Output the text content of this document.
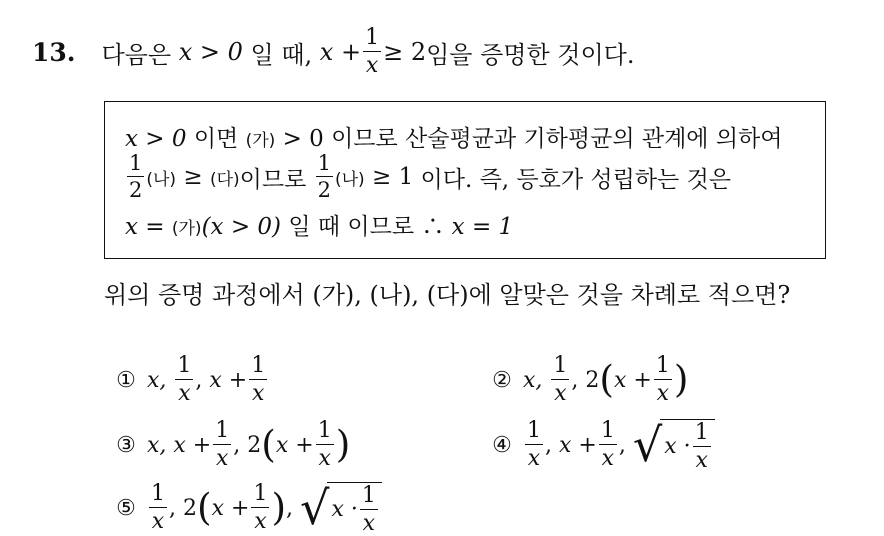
13. 다음은
x > 0
일 때,
$x + \frac{1}{x} \ge 2$ 임을 증명한 것이다.
x > 0 이면 (가) > 0 이므로 산술평균과 기하평균의 관계에 의하여
$\frac{1}{2}$ (나)
≥
(다) 이므로
$\frac{1}{2}$ (나)
≥ 1
이다. 즉, 등호가 성립하는 것은
x = (가)(x > 0) 일 때 이므로 ∴ x = 1
위의 증명 과정에서 (가), (나), (다)에 알맞은 것을 차례로 적으면?
①
x,
$\frac{1}{x}$ ,
$x + \frac{1}{x}$	②
x,
$\frac{1}{x}$ ,
2 ( $x + \frac{1}{x}$ )
③
x,
$x + \frac{1}{x}$ ,
2 ( $x + \frac{1}{x}$ )	④
$\frac{1}{x}$ ,
$x + \frac{1}{x}$ ,
√ $x \cdot \frac{1}{x}$
⑤
$\frac{1}{x}$ ,
2 ( $x + \frac{1}{x}$ ) ,
√ $x \cdot \frac{1}{x}$
